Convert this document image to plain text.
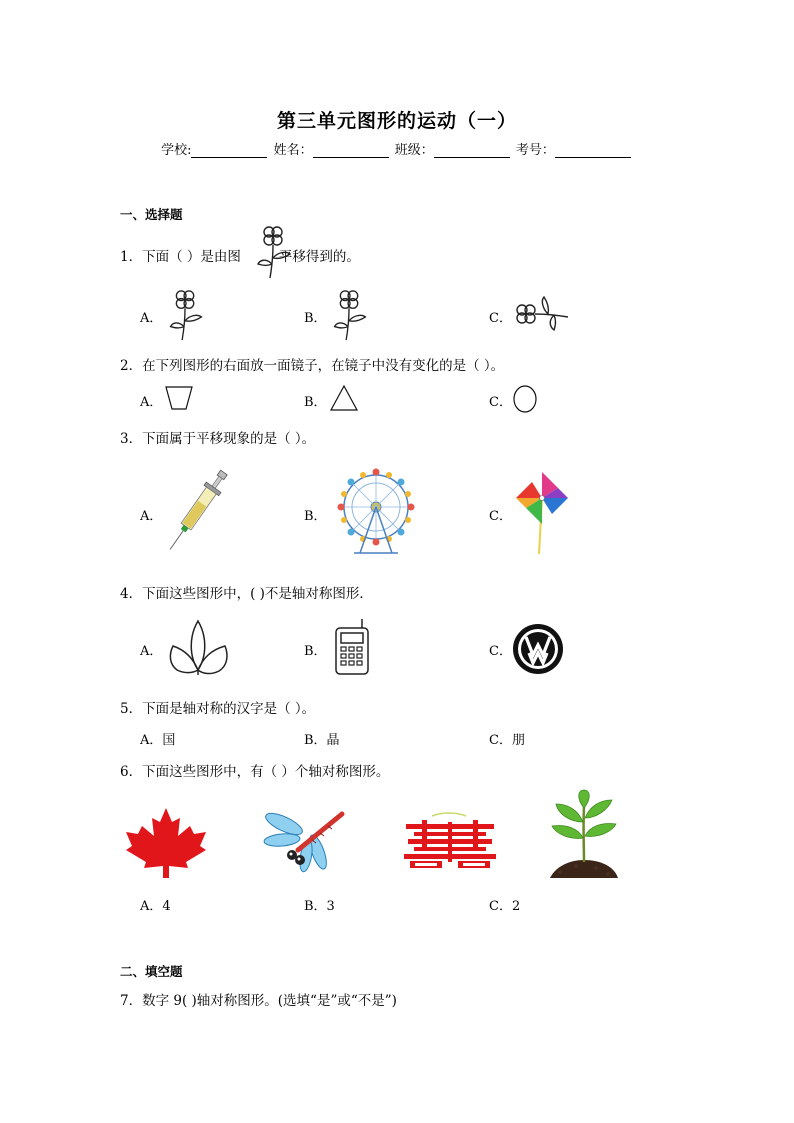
第三单元图形的运动（一）
学校:	姓名：	班级：	考号：
一、选择题
1．下面（ ）是由图	平移得到的。
A．	B．	C．
2．在下列图形的右面放一面镜子，在镜子中没有变化的是（ ）。
A．	B．	C．
3．下面属于平移现象的是（ ）。
A．	B．	C．
4．下面这些图形中，( )不是轴对称图形．
A．	B．	C．
5．下面是轴对称的汉字是（ ）。
A．国	B．晶	C．朋
6．下面这些图形中，有（ ）个轴对称图形。
A．4	B．3	C．2
二、填空题
7．数字 9( )轴对称图形。(选填“是”或“不是”)
